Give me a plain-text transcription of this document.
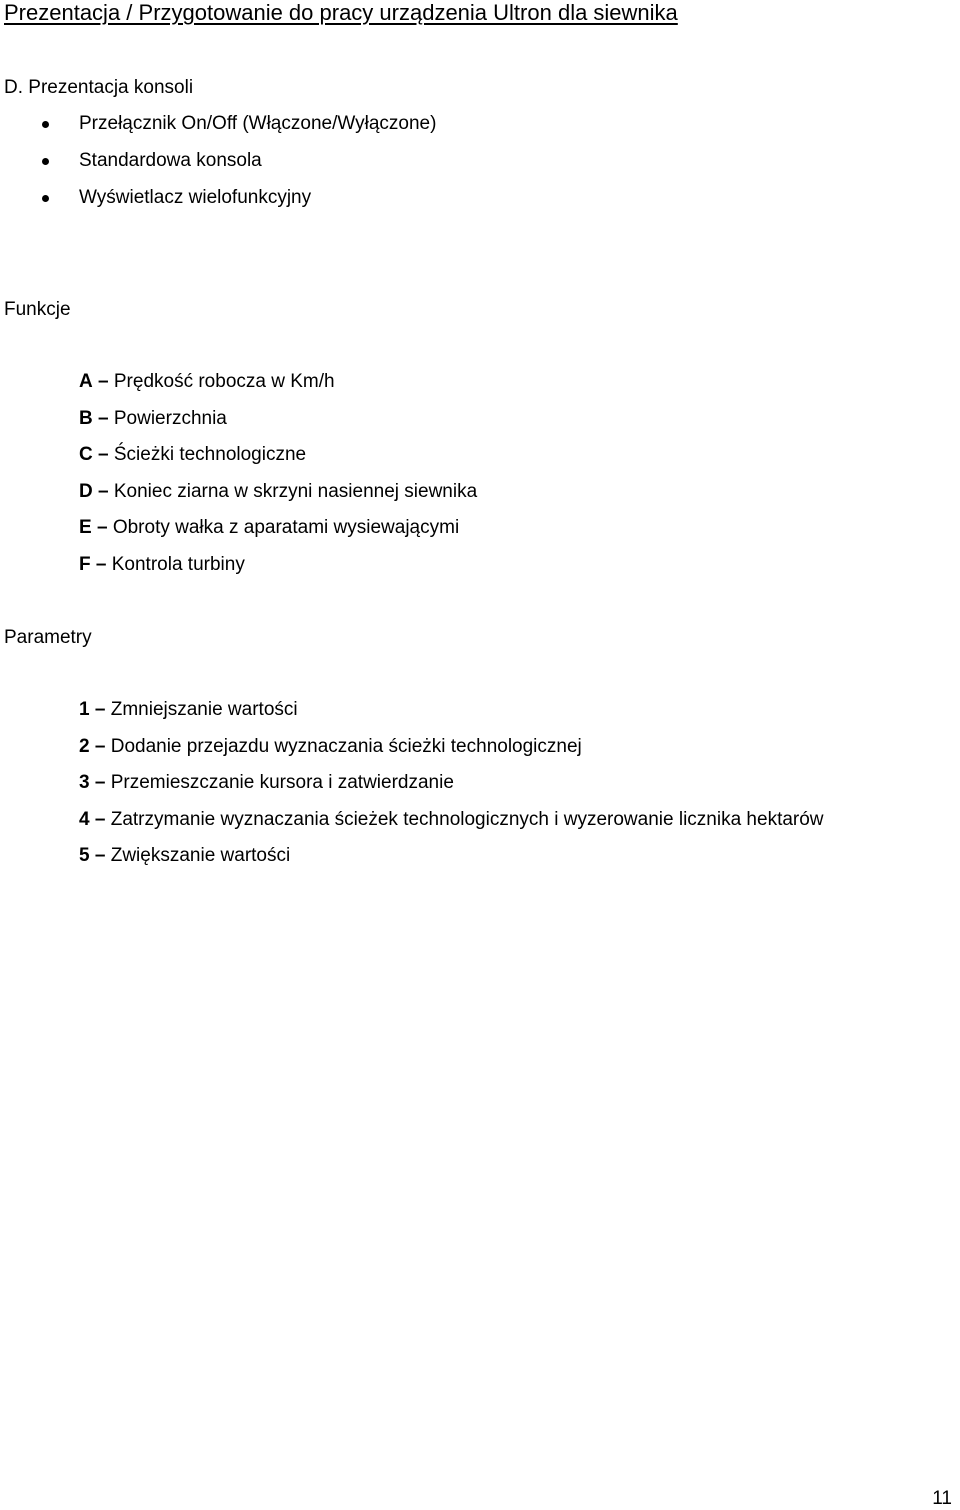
Prezentacja / Przygotowanie do pracy urządzenia Ultron dla siewnika
D. Prezentacja konsoli
Przełącznik On/Off (Włączone/Wyłączone)
Standardowa konsola
Wyświetlacz wielofunkcyjny
Funkcje
A – Prędkość robocza w Km/h
B – Powierzchnia
C – Ścieżki technologiczne
D – Koniec ziarna w skrzyni nasiennej siewnika
E – Obroty wałka z aparatami wysiewającymi
F – Kontrola turbiny
Parametry
1 – Zmniejszanie wartości
2 – Dodanie przejazdu wyznaczania ścieżki technologicznej
3 – Przemieszczanie kursora i zatwierdzanie
4 – Zatrzymanie wyznaczania ścieżek technologicznych i wyzerowanie licznika hektarów
5 – Zwiększanie wartości
11
